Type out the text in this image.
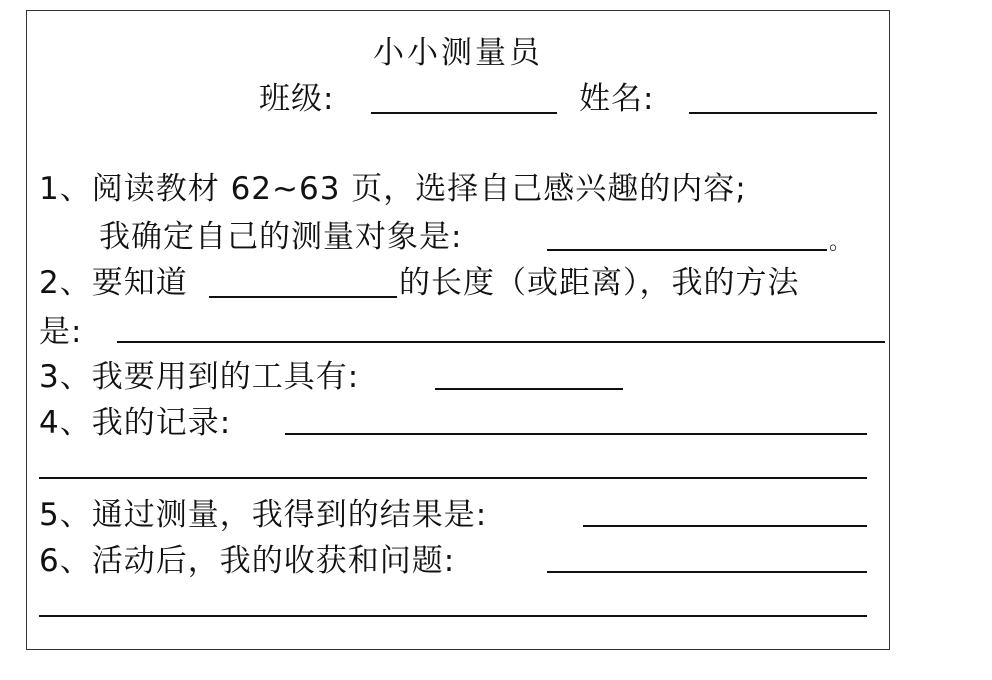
小小测量员
班级:	姓名:
1、阅读教材 62~63 页，选择自己感兴趣的内容;
我确定自己的测量对象是:	。
2、要知道	的长度（或距离），我的方法
是:
3、我要用到的工具有:
4、我的记录:
5、通过测量，我得到的结果是:
6、活动后，我的收获和问题:
